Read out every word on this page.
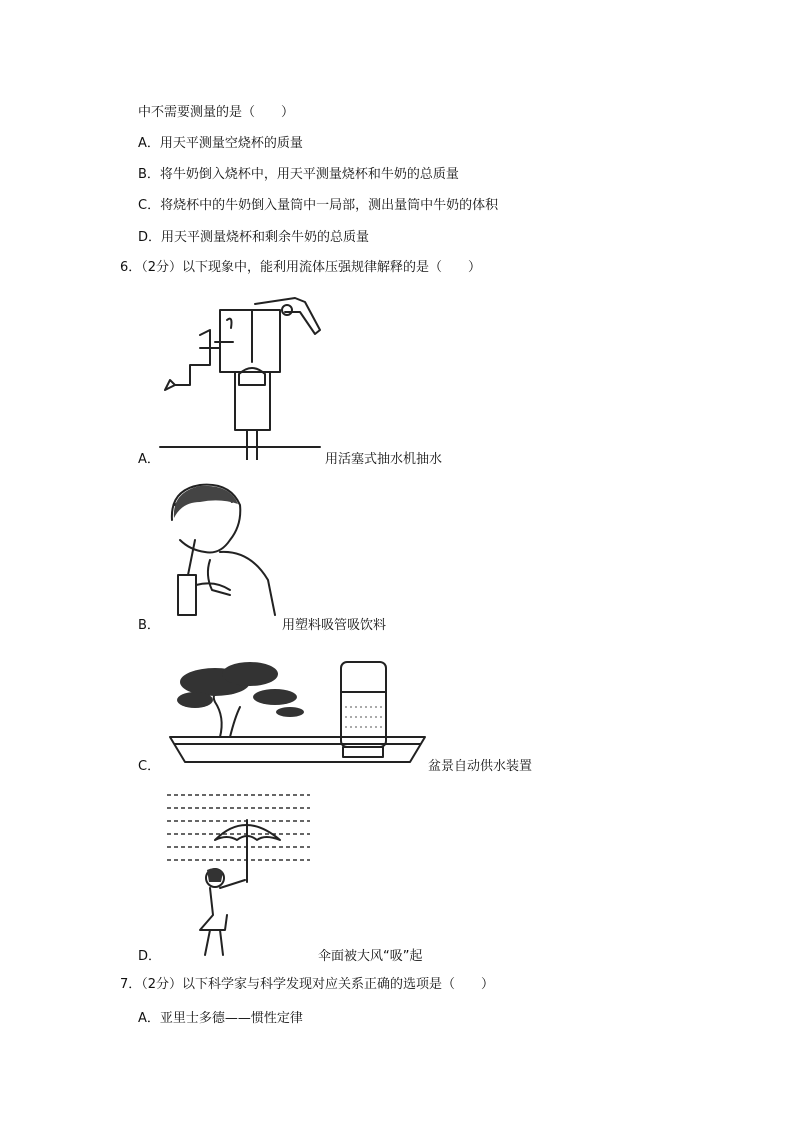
中不需要测量的是（　　）
A．用天平测量空烧杯的质量
B．将牛奶倒入烧杯中，用天平测量烧杯和牛奶的总质量
C．将烧杯中的牛奶倒入量筒中一局部，测出量筒中牛奶的体积
D．用天平测量烧杯和剩余牛奶的总质量
6．（2分）以下现象中，能利用流体压强规律解释的是（　　）
A．	用活塞式抽水机抽水
B．	用塑料吸管吸饮料
C．	盆景自动供水装置
D．	伞面被大风“吸”起
7．（2分）以下科学家与科学发现对应关系正确的选项是（　　）
A．亚里士多德——惯性定律
